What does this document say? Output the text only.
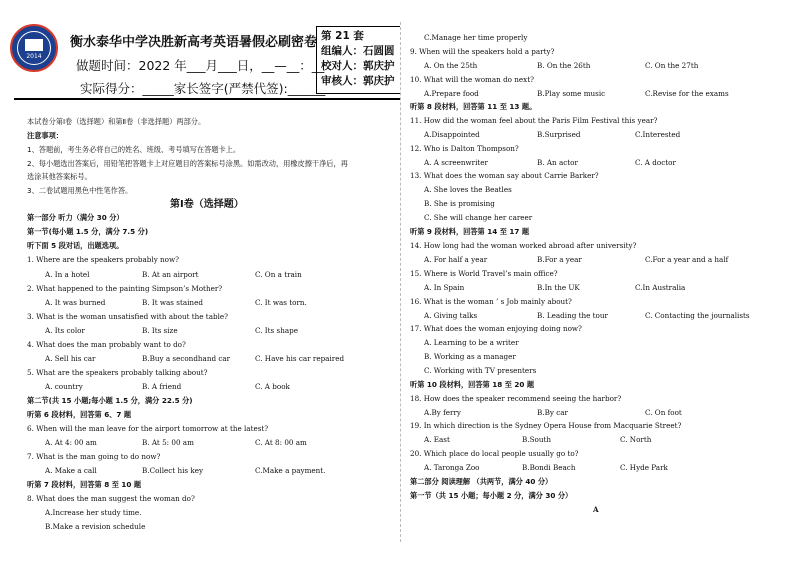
2014
衡水泰华中学决胜新高考英语暑假必刷密卷
做题时间：2022 年___月___日，__—__：__
实际得分：_____家长签字(严禁代签):______
第 21 套
组编人：石圆圆
校对人：郭庆护
审核人：郭庆护
本试卷分第Ⅰ卷（选择题）和第Ⅱ卷（非选择题）两部分。
注意事项：
1、答题前，考生务必将自己的姓名、班级、考号填写在答题卡上。
2、每小题选出答案后，用铅笔把答题卡上对应题目的答案标号涂黑。如需改动，用橡皮擦干净后，再
选涂其他答案标号。
3、二卷试题用黑色中性笔作答。
第Ⅰ卷（选择题）
第一部分 听力（满分 30 分）
第一节(每小题 1.5 分，满分 7.5 分)
听下面 5 段对话，出题选项。
1. Where are the speakers probably now?
A. In a hotel	B. At an airport	C. On a train
2. What happened to the painting Simpson’s Mother?
A. It was burned	B. It was stained	C. It was torn.
3. What is the woman unsatisfied with about the table?
A. Its color	B. Its size	C. Its shape
4. What does the man probably want to do?
A. Sell his car	B.Buy a secondhand car	C. Have his car repaired
5. What are the speakers probably talking about?
A. country	B. A friend	C. A book
第二节(共 15 小题;每小题 1.5 分，满分 22.5 分)
听第 6 段材料，回答第 6、7 题
6. When will the man leave for the airport tomorrow at the latest?
A. At 4: 00 am	B. At 5: 00 am	C. At 8: 00 am
7. What is the man going to do now?
A. Make a call	B.Collect his key	C.Make a payment.
听第 7 段材料，回答第 8 至 10 题
8. What does the man suggest the woman do?
A.Increase her study time.
B.Make a revision schedule
C.Manage her time properly
9. When will the speakers hold a party?
A. On the 25th	B. On the 26th	C. On the 27th
10. What will the woman do next?
A.Prepare food	B.Play some music	C.Revise for the exams
听第 8 段材料，回答第 11 至 13 题。
11. How did the woman feel about the Paris Film Festival this year?
A.Disappointed	B.Surprised	C.Interested
12. Who is Dalton Thompson?
A. A screenwriter	B. An actor	C. A doctor
13. What does the woman say about Carrie Barker?
A. She loves the Beatles
B. She is promising
C. She will change her career
听第 9 段材料，回答第 14 至 17 题
14. How long had the woman worked abroad after university?
A. For half a year	B.For a year	C.For a year and a half
15. Where is World Travel’s main office?
A. In Spain	B.In the UK	C.In Australia
16. What is the woman ’ s Job mainly about?
A. Giving talks	B. Leading the tour	C. Contacting the journalists
17. What does the woman enjoying doing now?
A. Learning to be a writer
B. Working as a manager
C. Working with TV presenters
听第 10 段材料，回答第 18 至 20 题
18. How does the speaker recommend seeing the harbor?
A.By ferry	B.By car	C. On foot
19. In which direction is the Sydney Opera House from Macquarie Street?
A. East	B.South	C. North
20. Which place do local people usually go to?
A. Taronga Zoo	B.Bondi Beach	C. Hyde Park
第二部分 阅读理解 （共两节，满分 40 分）
第一节（共 15 小题；每小题 2 分，满分 30 分）
A
